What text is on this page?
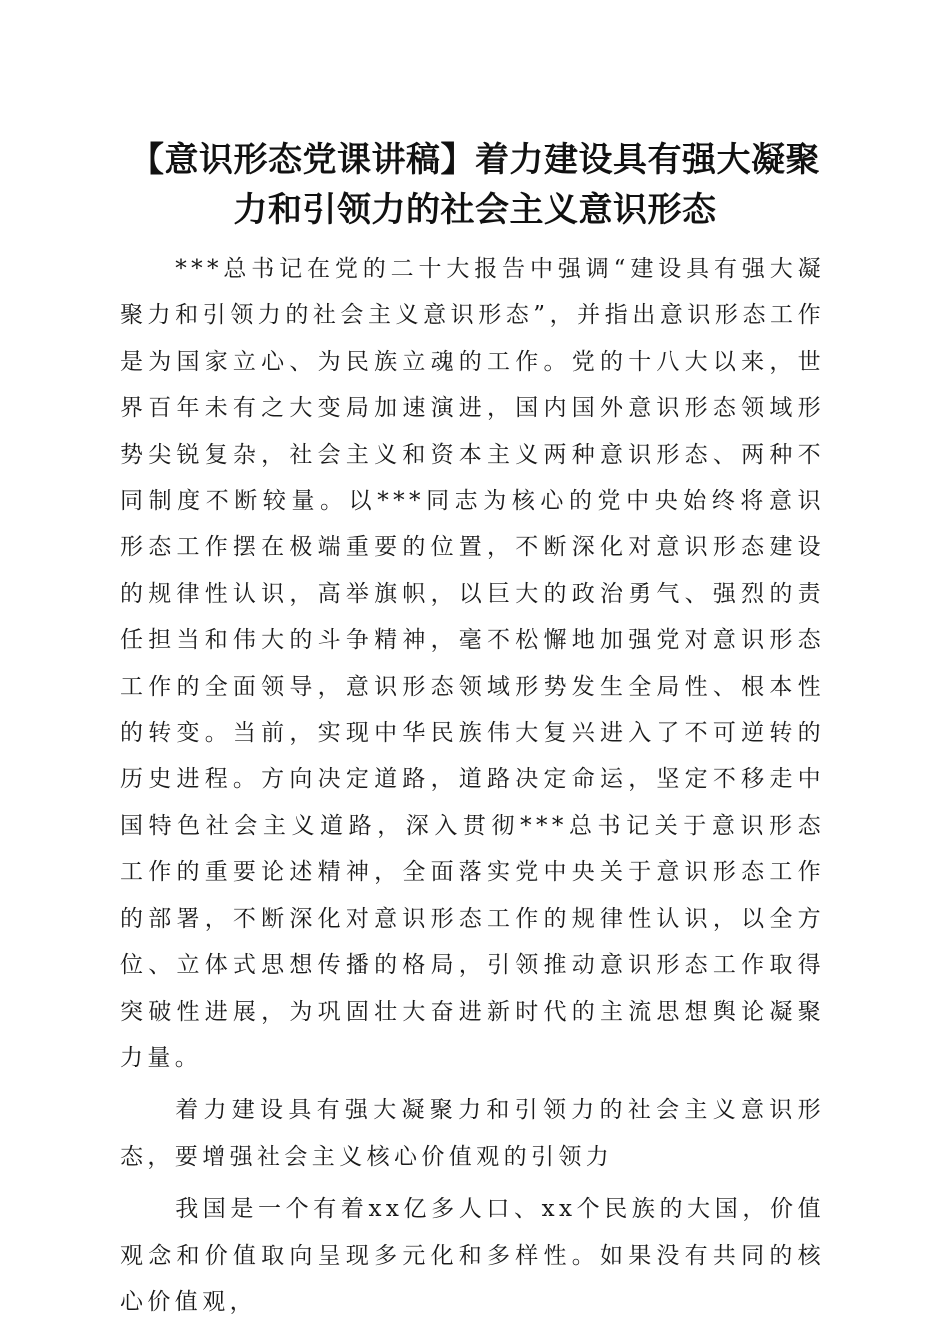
【意识形态党课讲稿】着力建设具有强大凝聚
力和引领力的社会主义意识形态

***总书记在党的二十大报告中强调“建设具有强大凝聚力和引领力的社会主义意识形态”，并指出意识形态工作是为国家立心、为民族立魂的工作。党的十八大以来，世界百年未有之大变局加速演进，国内国外意识形态领域形势尖锐复杂，社会主义和资本主义两种意识形态、两种不同制度不断较量。以***同志为核心的党中央始终将意识形态工作摆在极端重要的位置，不断深化对意识形态建设的规律性认识，高举旗帜，以巨大的政治勇气、强烈的责任担当和伟大的斗争精神，毫不松懈地加强党对意识形态工作的全面领导，意识形态领域形势发生全局性、根本性的转变。当前，实现中华民族伟大复兴进入了不可逆转的历史进程。方向决定道路，道路决定命运，坚定不移走中国特色社会主义道路，深入贯彻***总书记关于意识形态工作的重要论述精神，全面落实党中央关于意识形态工作的部署，不断深化对意识形态工作的规律性认识，以全方位、立体式思想传播的格局，引领推动意识形态工作取得突破性进展，为巩固壮大奋进新时代的主流思想舆论凝聚力量。

着力建设具有强大凝聚力和引领力的社会主义意识形态，要增强社会主义核心价值观的引领力

我国是一个有着xx亿多人口、xx个民族的大国，价值观念和价值取向呈现多元化和多样性。如果没有共同的核心价值观，
